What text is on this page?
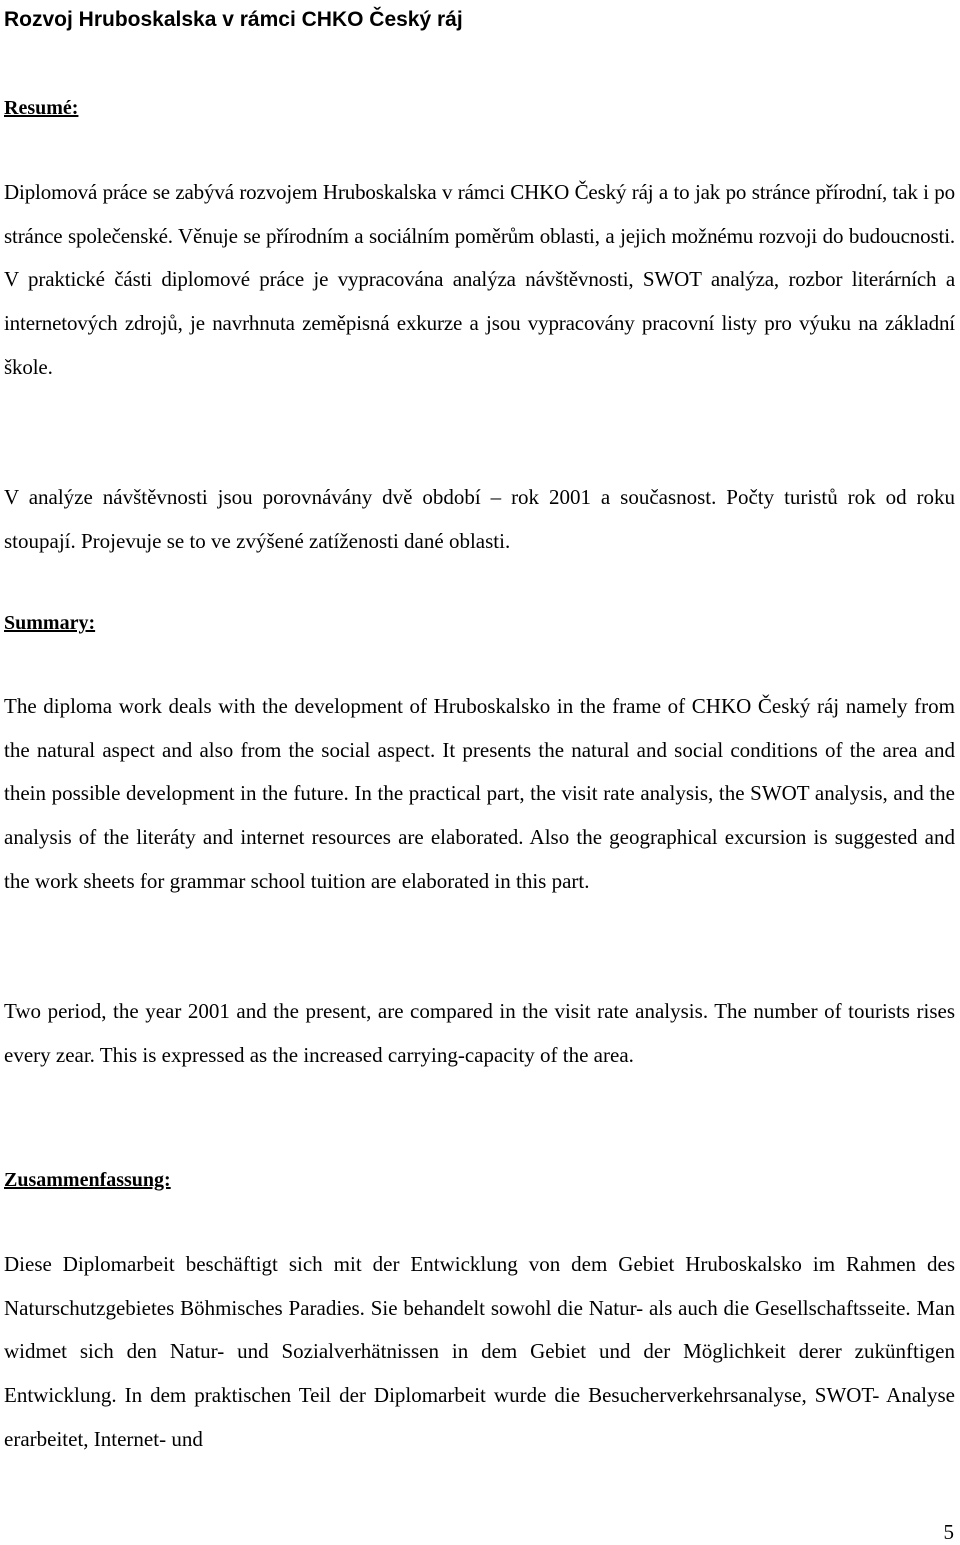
Rozvoj Hruboskalska v rámci CHKO Český ráj
Resumé:

Diplomová práce se zabývá rozvojem Hruboskalska v rámci CHKO Český ráj a to jak po stránce přírodní, tak i po stránce společenské. Věnuje se přírodním a sociálním poměrům oblasti, a jejich možnému rozvoji do budoucnosti. V praktické části diplomové práce je vypracována analýza návštěvnosti, SWOT analýza, rozbor literárních a internetových zdrojů, je navrhnuta zeměpisná exkurze a jsou vypracovány pracovní listy pro výuku na základní škole.

V analýze návštěvnosti jsou porovnávány dvě období – rok 2001 a současnost. Počty turistů rok od roku stoupají. Projevuje se to ve zvýšené zatíženosti dané oblasti.

Summary:

The diploma work deals with the development of Hruboskalsko in the frame of CHKO Český ráj namely from the natural aspect and also from the social aspect. It presents the natural and social conditions of the area and thein possible development in the future. In the practical part, the visit rate analysis, the SWOT analysis, and the analysis of the literáty and internet resources are elaborated. Also the geographical excursion is suggested and the work sheets for grammar school tuition are elaborated in this part.

Two period, the year 2001 and the present, are compared in the visit rate analysis. The number of tourists rises every zear. This is expressed as the increased carrying-capacity of the area.

Zusammenfassung:

Diese Diplomarbeit beschäftigt sich mit der Entwicklung von dem Gebiet Hruboskalsko im Rahmen des Naturschutzgebietes Böhmisches Paradies. Sie behandelt sowohl die Natur- als auch die Gesellschaftsseite. Man widmet sich den Natur- und Sozialverhätnissen in dem Gebiet und der Möglichkeit derer zukünftigen Entwicklung. In dem praktischen Teil der Diplomarbeit wurde die Besucherverkehrsanalyse, SWOT- Analyse erarbeitet, Internet- und

5
